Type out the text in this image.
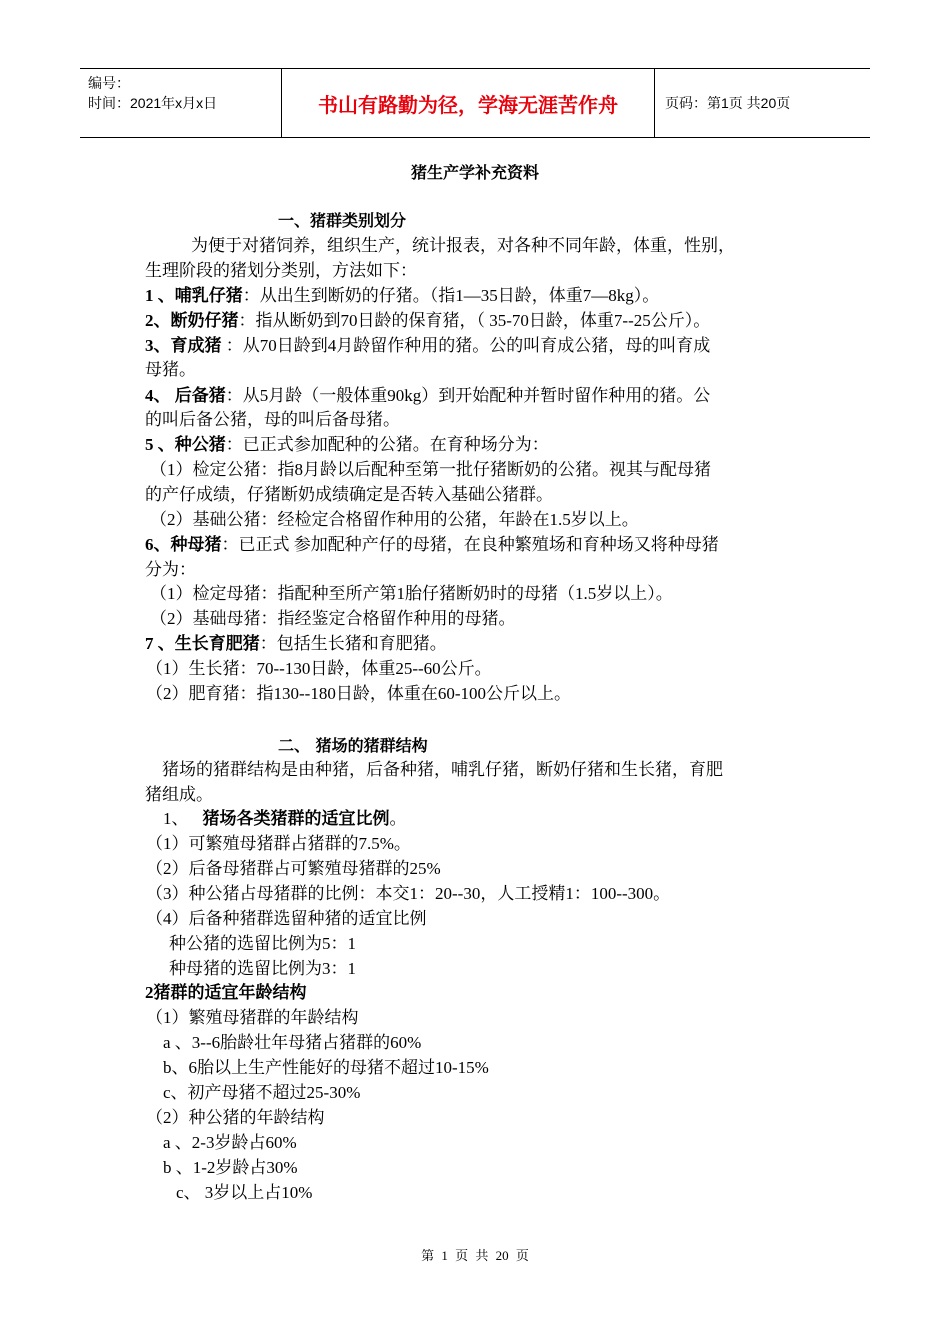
编号：
时间：2021年x月x日	书山有路勤为径，学海无涯苦作舟	页码：第1页 共20页
猪生产学补充资料
一、猪群类别划分
为便于对猪饲养，组织生产，统计报表，对各种不同年龄，体重，性别，
生理阶段的猪划分类别，方法如下：
1 、哺乳仔猪：从出生到断奶的仔猪。（指1—35日龄，体重7—8kg）。
2、断奶仔猪：指从断奶到70日龄的保育猪，（ 35-70日龄，体重7--25公斤）。
3、育成猪 ：从70日龄到4月龄留作种用的猪。公的叫育成公猪，母的叫育成
母猪。
4、 后备猪：从5月龄（一般体重90kg）到开始配种并暂时留作种用的猪。公
的叫后备公猪，母的叫后备母猪。
5 、种公猪：已正式参加配种的公猪。在育种场分为：
（1）检定公猪：指8月龄以后配种至第一批仔猪断奶的公猪。视其与配母猪
的产仔成绩，仔猪断奶成绩确定是否转入基础公猪群。
（2）基础公猪：经检定合格留作种用的公猪，年龄在1.5岁以上。
6、种母猪：已正式 参加配种产仔的母猪，在良种繁殖场和育种场又将种母猪
分为：
（1）检定母猪：指配种至所产第1胎仔猪断奶时的母猪（1.5岁以上）。
（2）基础母猪：指经鉴定合格留作种用的母猪。
7 、生长育肥猪：包括生长猪和育肥猪。
（1）生长猪：70--130日龄，体重25--60公斤。
（2）肥育猪：指130--180日龄，体重在60-100公斤以上。
二、 猪场的猪群结构
猪场的猪群结构是由种猪，后备种猪，哺乳仔猪，断奶仔猪和生长猪，育肥
猪组成。
1、 猪场各类猪群的适宜比例。
（1）可繁殖母猪群占猪群的7.5%。
（2）后备母猪群占可繁殖母猪群的25%
（3）种公猪占母猪群的比例：本交1：20--30，人工授精1：100--300。
（4）后备种猪群选留种猪的适宜比例
种公猪的选留比例为5：1
种母猪的选留比例为3：1
2猪群的适宜年龄结构
（1）繁殖母猪群的年龄结构
a 、3--6胎龄壮年母猪占猪群的60%
b、6胎以上生产性能好的母猪不超过10-15%
c、初产母猪不超过25-30%
（2）种公猪的年龄结构
a 、2-3岁龄占60%
b 、1-2岁龄占30%
c、 3岁以上占10%
第 1 页 共 20 页
